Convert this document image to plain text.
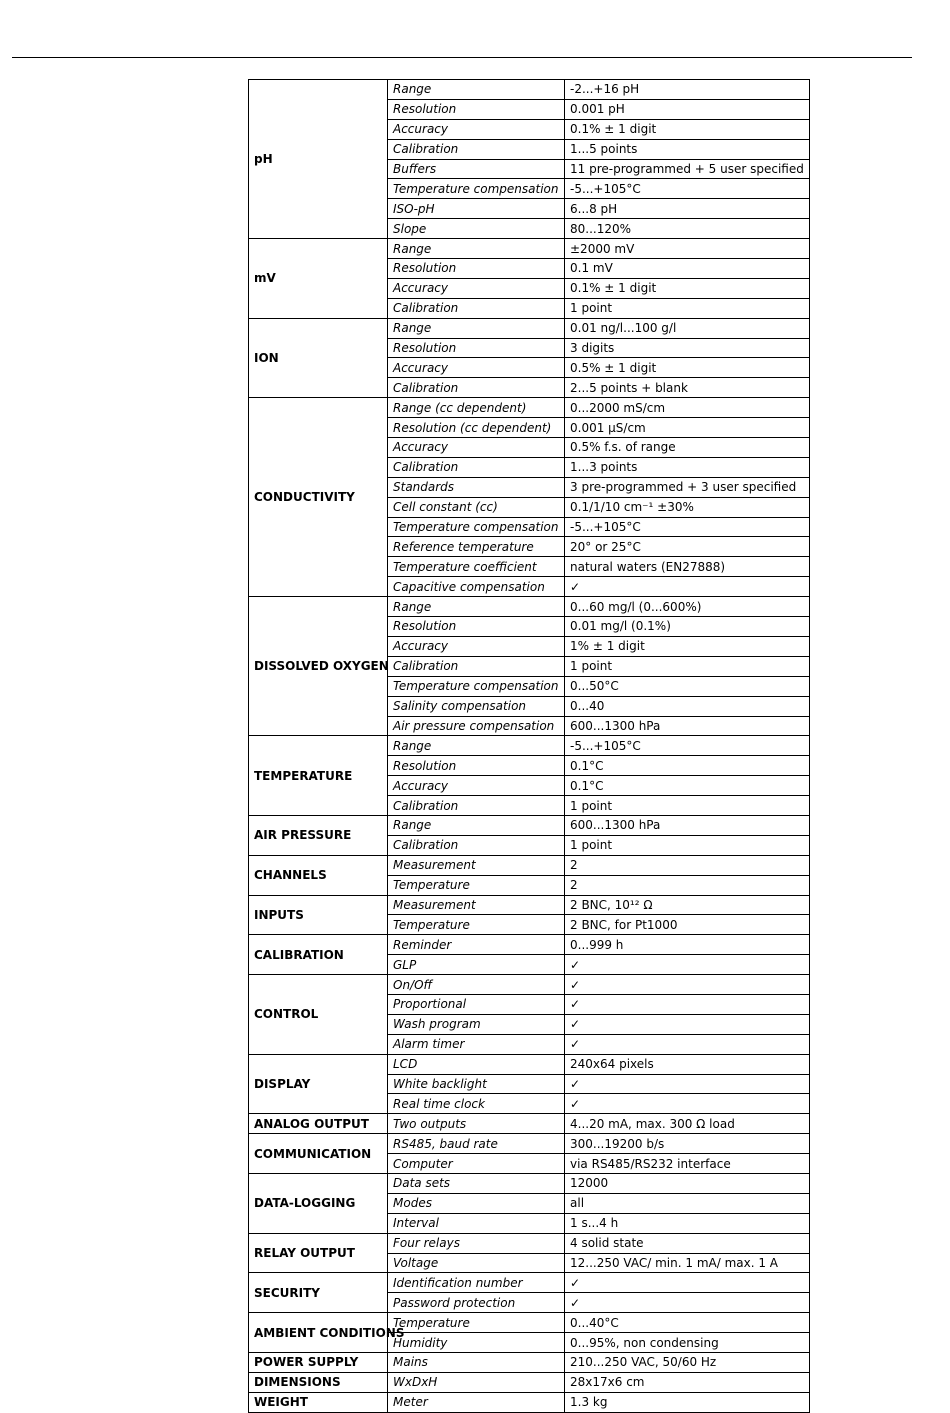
pH	Range	-2...+16 pH
	Resolution	0.001 pH
	Accuracy	0.1% ± 1 digit
	Calibration	1...5 points
	Buffers	11 pre-programmed + 5 user specified
	Temperature compensation	-5...+105°C
	ISO-pH	6...8 pH
	Slope	80...120%
mV	Range	±2000 mV
	Resolution	0.1 mV
	Accuracy	0.1% ± 1 digit
	Calibration	1 point
ION	Range	0.01 ng/l...100 g/l
	Resolution	3 digits
	Accuracy	0.5% ± 1 digit
	Calibration	2...5 points + blank
CONDUCTIVITY	Range (cc dependent)	0...2000 mS/cm
	Resolution (cc dependent)	0.001 µS/cm
	Accuracy	0.5% f.s. of range
	Calibration	1...3 points
	Standards	3 pre-programmed + 3 user specified
	Cell constant (cc)	0.1/1/10 cm⁻¹ ±30%
	Temperature compensation	-5...+105°C
	Reference temperature	20° or 25°C
	Temperature coefficient	natural waters (EN27888)
	Capacitive compensation	✓
DISSOLVED OXYGEN	Range	0...60 mg/l (0...600%)
	Resolution	0.01 mg/l (0.1%)
	Accuracy	1% ± 1 digit
	Calibration	1 point
	Temperature compensation	0...50°C
	Salinity compensation	0...40
	Air pressure compensation	600...1300 hPa
TEMPERATURE	Range	-5...+105°C
	Resolution	0.1°C
	Accuracy	0.1°C
	Calibration	1 point
AIR PRESSURE	Range	600...1300 hPa
	Calibration	1 point
CHANNELS	Measurement	2
	Temperature	2
INPUTS	Measurement	2 BNC, 10¹² Ω
	Temperature	2 BNC, for Pt1000
CALIBRATION	Reminder	0...999 h
	GLP	✓
CONTROL	On/Off	✓
	Proportional	✓
	Wash program	✓
	Alarm timer	✓
DISPLAY	LCD	240x64 pixels
	White backlight	✓
	Real time clock	✓
ANALOG OUTPUT	Two outputs	4...20 mA, max. 300 Ω load
COMMUNICATION	RS485, baud rate	300...19200 b/s
	Computer	via RS485/RS232 interface
DATA-LOGGING	Data sets	12000
	Modes	all
	Interval	1 s...4 h
RELAY OUTPUT	Four relays	4 solid state
	Voltage	12...250 VAC/ min. 1 mA/ max. 1 A
SECURITY	Identification number	✓
	Password protection	✓
AMBIENT CONDITIONS	Temperature	0...40°C
	Humidity	0...95%, non condensing
POWER SUPPLY	Mains	210...250 VAC, 50/60 Hz
DIMENSIONS	WxDxH	28x17x6 cm
WEIGHT	Meter	1.3 kg
